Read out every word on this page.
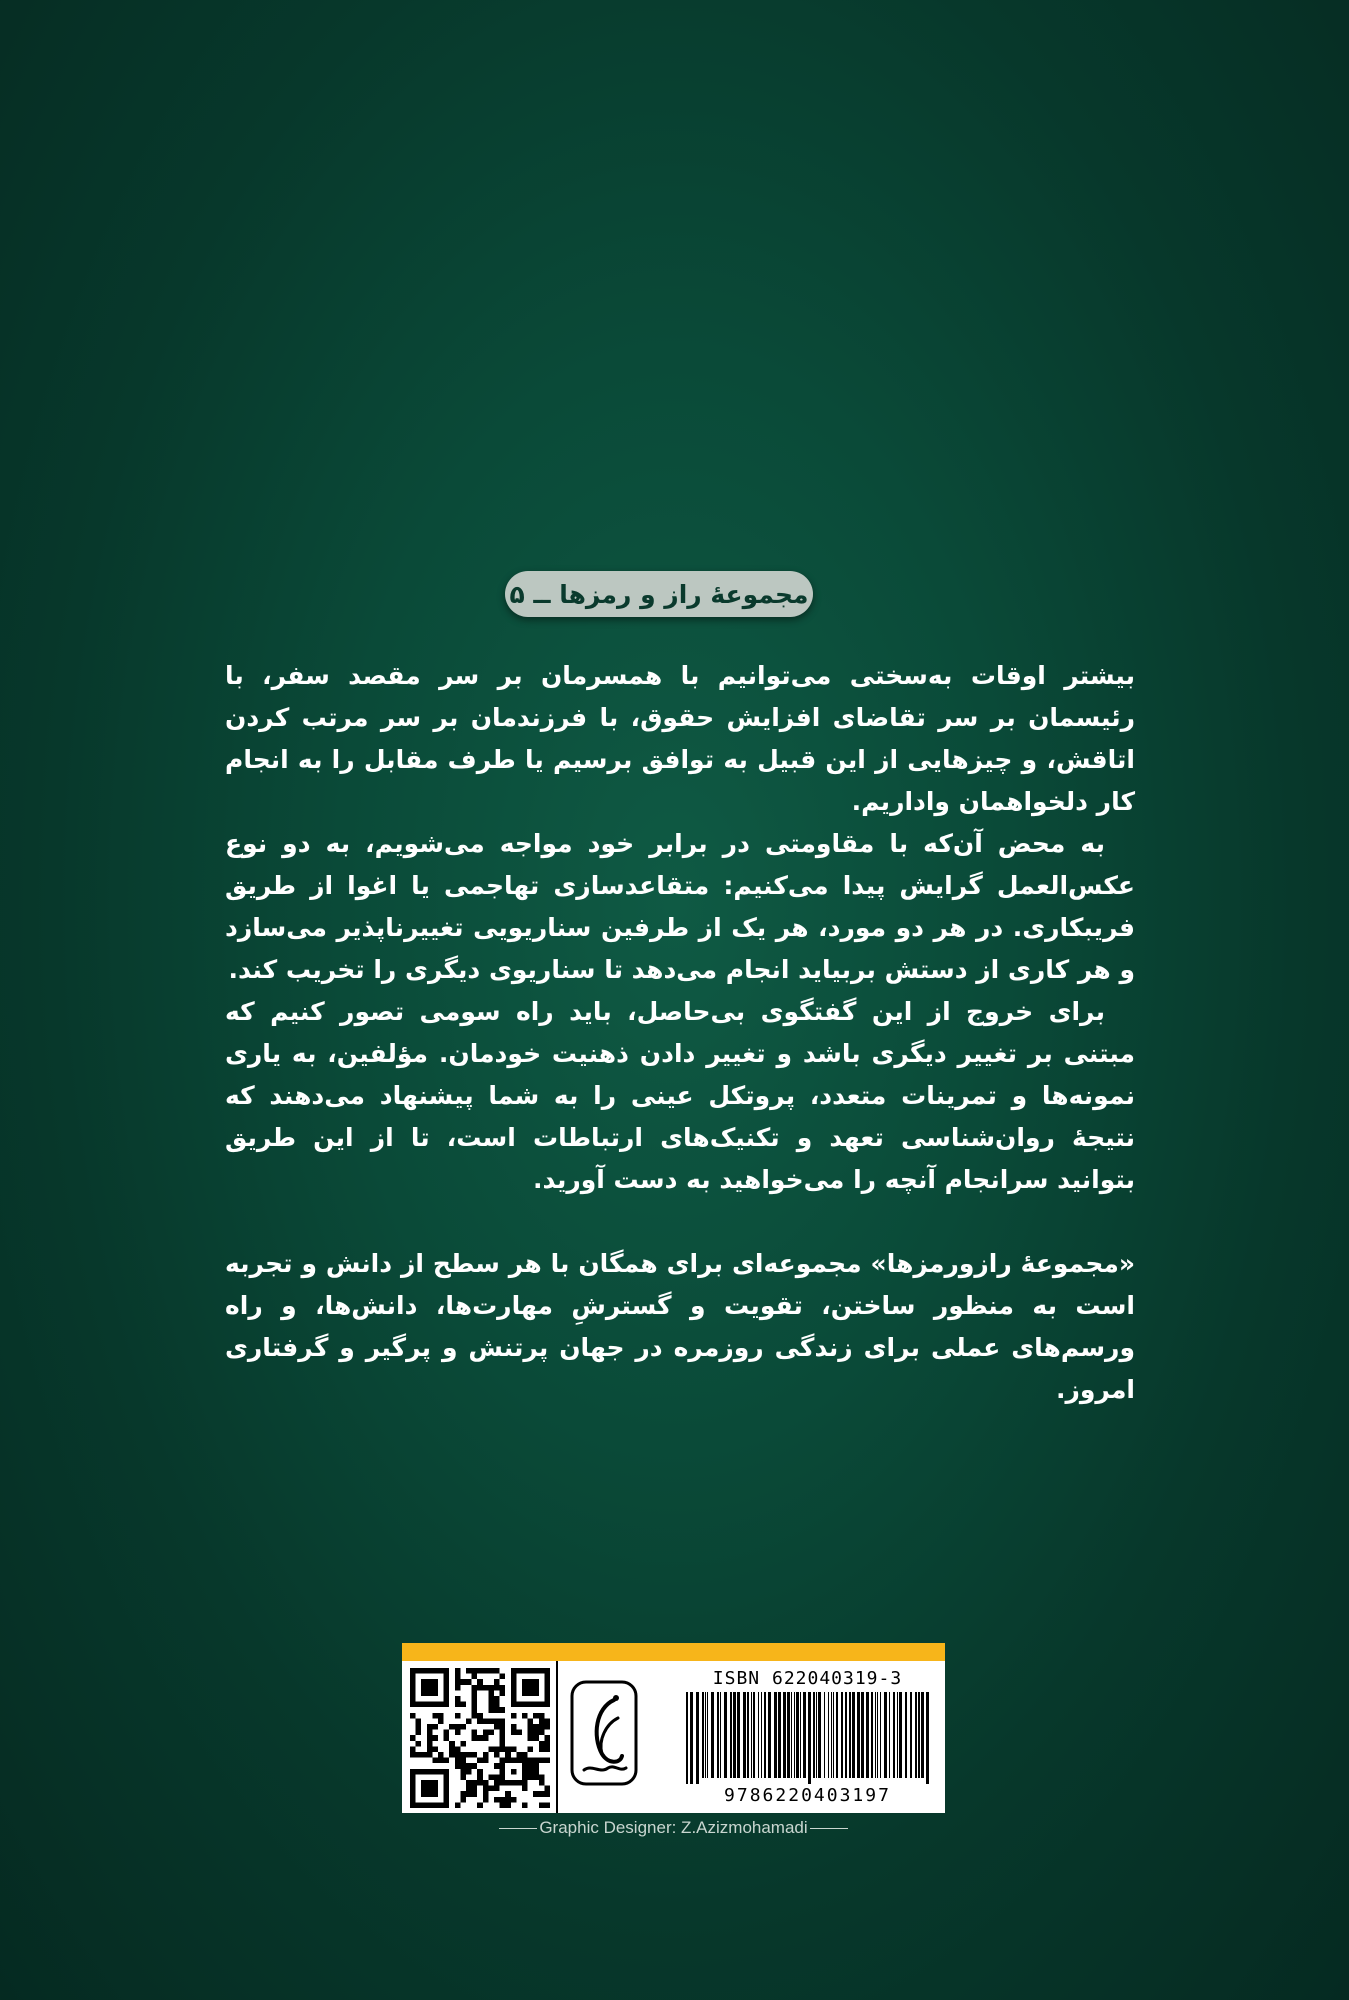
مجموعهٔ راز و رمزها ــ ۵

بیشتر اوقات به‌سختی می‌توانیم با همسرمان بر سر مقصد سفر، با رئیسمان بر سر تقاضای افزایش حقوق، با فرزندمان بر سر مرتب کردن اتاقش، و چیزهایی از این قبیل به توافق برسیم یا طرف مقابل را به انجام کار دلخواهمان واداریم.

به محض آن‌که با مقاومتی در برابر خود مواجه می‌شویم، به دو نوع عکس‌العمل گرایش پیدا می‌کنیم: متقاعدسازی تهاجمی یا اغوا از طریق فریبکاری. در هر دو مورد، هر یک از طرفین سناریویی تغییرناپذیر می‌سازد و هر کاری از دستش بربیاید انجام می‌دهد تا سناریوی دیگری را تخریب کند.

برای خروج از این گفتگوی بی‌حاصل، باید راه سومی تصور کنیم که مبتنی بر تغییر دیگری باشد و تغییر دادن ذهنیت خودمان. مؤلفین، به یاری نمونه‌ها و تمرینات متعدد، پروتکل عینی را به شما پیشنهاد می‌دهند که نتیجهٔ روان‌شناسی تعهد و تکنیک‌های ارتباطات است، تا از این طریق بتوانید سرانجام آنچه را می‌خواهید به دست آورید.

«مجموعهٔ رازورمزها» مجموعه‌ای برای همگان با هر سطح از دانش و تجربه است به منظور ساختن، تقویت و گسترشِ مهارت‌ها، دانش‌ها، و راه ورسم‌های عملی برای زندگی روزمره در جهان پرتنش و پرگیر و گرفتاری امروز.

ISBN 622040319-3
9786220403197
Graphic Designer: Z.Azizmohamadi
